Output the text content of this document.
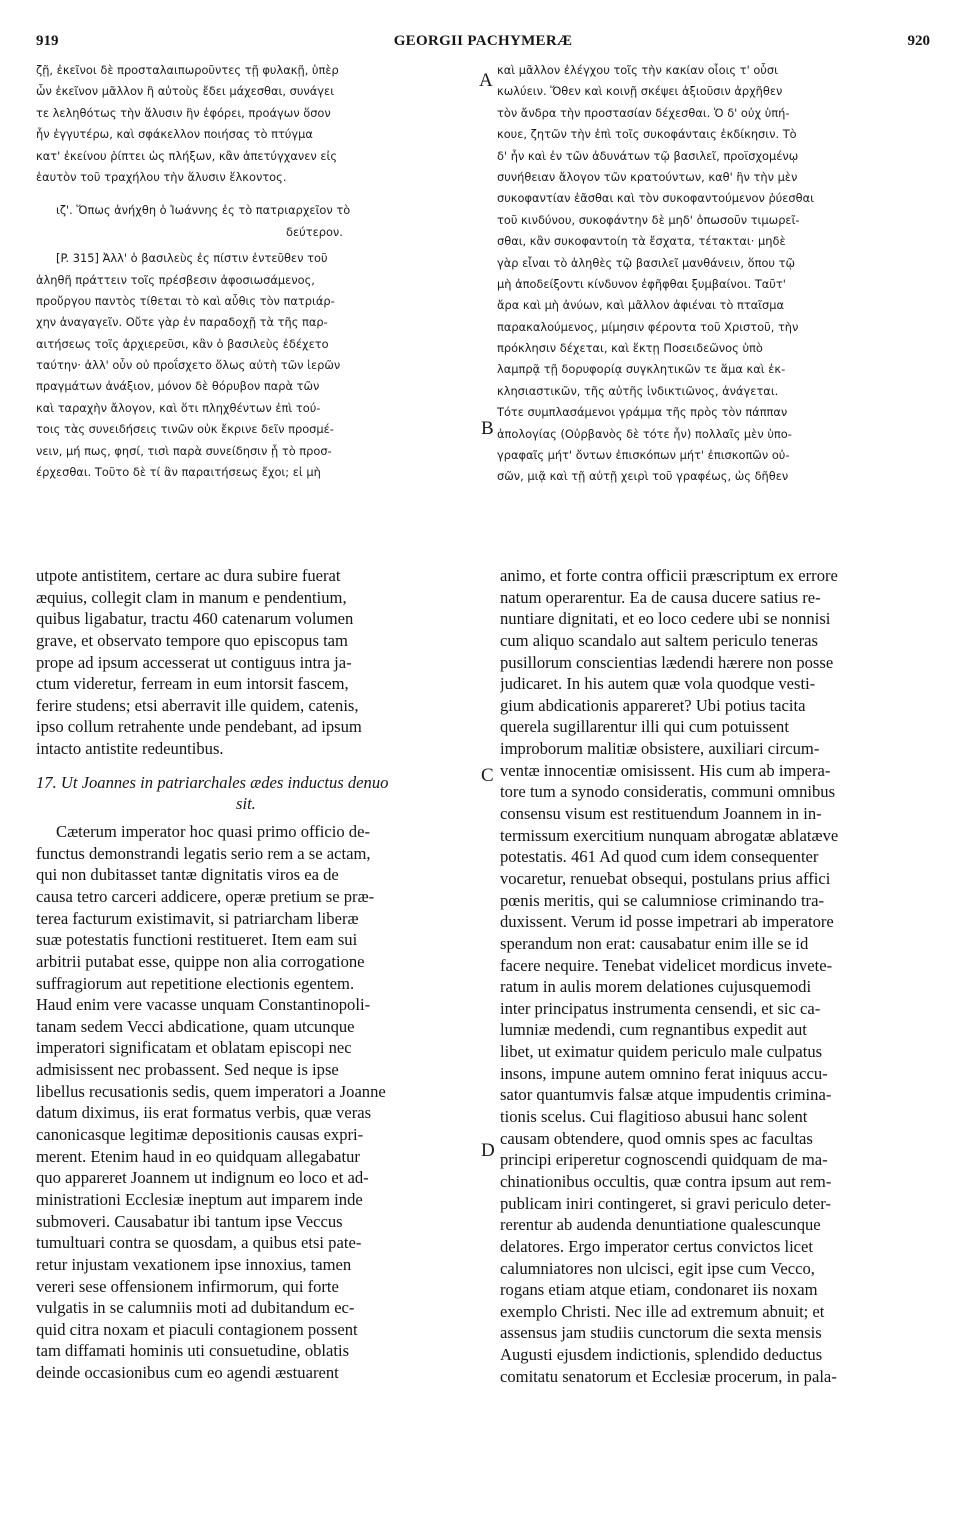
919	GEORGII PACHYMERÆ	920
ζῇ, ἐκεῖνοι δὲ προσταλαιπωροῦντες τῇ φυλακῇ, ὑπὲρ
ὧν ἐκεῖνον μᾶλλον ἢ αὐτοὺς ἔδει μάχεσθαι, συνάγει
τε λεληθότως τὴν ἅλυσιν ἣν ἐφόρει, προάγων ὅσον
ἦν ἐγγυτέρω, καὶ σφάκελλον ποιήσας τὸ πτύγμα
κατ' ἐκείνου ῥίπτει ὡς πλήξων, κἂν ἀπετύγχανεν εἰς
ἑαυτὸν τοῦ τραχήλου τὴν ἅλυσιν ἕλκοντος.
ιζ'. Ὅπως ἀνήχθη ὁ Ἰωάννης ἐς τὸ πατριαρχεῖον τὸ
δεύτερον.
[P. 315] Ἀλλ' ὁ βασιλεὺς ἐς πίστιν ἐντεῦθεν τοῦ
ἀληθῆ πράττειν τοῖς πρέσβεσιν ἀφοσιωσάμενος,
προὔργου παντὸς τίθεται τὸ καὶ αὖθις τὸν πατριάρ-
χην ἀναγαγεῖν. Οὔτε γὰρ ἐν παραδοχῇ τὰ τῆς παρ-
αιτήσεως τοῖς ἀρχιερεῦσι, κἂν ὁ βασιλεὺς ἐδέχετο
ταύτην· ἀλλ' οὖν οὐ προΐσχετο ὅλως αὐτὴ τῶν ἱερῶν
πραγμάτων ἀνάξιον, μόνον δὲ θόρυβον παρὰ τῶν
καὶ ταραχὴν ἄλογον, καὶ ὅτι πληχθέντων ἐπὶ τού-
τοις τὰς συνειδήσεις τινῶν οὐκ ἔκρινε δεῖν προσμέ-
νειν, μή πως, φησί, τισὶ παρὰ συνείδησιν ᾖ τὸ προσ-
έρχεσθαι. Τοῦτο δὲ τί ἂν παραιτήσεως ἔχοι; εἰ μὴ
καὶ μᾶλλον ἐλέγχου τοῖς τὴν κακίαν οἷοις τ' οὖσι
κωλύειν. Ὅθεν καὶ κοινῇ σκέψει ἀξιοῦσιν ἀρχῆθεν
τὸν ἄνδρα τὴν προστασίαν δέχεσθαι. Ὁ δ' οὐχ ὑπή-
κουε, ζητῶν τὴν ἐπὶ τοῖς συκοφάνταις ἐκδίκησιν. Τὸ
δ' ἦν καὶ ἐν τῶν ἀδυνάτων τῷ βασιλεῖ, προϊσχομένῳ
συνήθειαν ἄλογον τῶν κρατούντων, καθ' ἣν τὴν μὲν
συκοφαντίαν ἐᾶσθαι καὶ τὸν συκοφαντούμενον ῥύεσθαι
τοῦ κινδύνου, συκοφάντην δὲ μηδ' ὁπωσοῦν τιμωρεῖ-
σθαι, κἂν συκοφαντοίη τὰ ἔσχατα, τέτακται· μηδὲ
γὰρ εἶναι τὸ ἀληθὲς τῷ βασιλεῖ μανθάνειν, ὅπου τῷ
μὴ ἀποδείξοντι κίνδυνον ἐφῆφθαι ξυμβαίνοι. Ταῦτ'
ἄρα καὶ μὴ ἀνύων, καὶ μᾶλλον ἀφιέναι τὸ πταῖσμα
παρακαλούμενος, μίμησιν φέροντα τοῦ Χριστοῦ, τὴν
πρόκλησιν δέχεται, καὶ ἕκτῃ Ποσειδεῶνος ὑπὸ
λαμπρᾷ τῇ δορυφορίᾳ συγκλητικῶν τε ἅμα καὶ ἐκ-
κλησιαστικῶν, τῆς αὐτῆς ἰνδικτιῶνος, ἀνάγεται.
Τότε συμπλασάμενοι γράμμα τῆς πρὸς τὸν πάππαν
ἀπολογίας (Οὐρβανὸς δὲ τότε ἦν) πολλαῖς μὲν ὑπο-
γραφαῖς μήτ' ὄντων ἐπισκόπων μήτ' ἐπισκοπῶν οὐ-
σῶν, μιᾷ καὶ τῇ αὐτῇ χειρὶ τοῦ γραφέως, ὡς δῆθεν
A
B
C
D
utpote antistitem, certare ac dura subire fuerat
æquius, collegit clam in manum e pendentium,
quibus ligabatur, tractu 460 catenarum volumen
grave, et observato tempore quo episcopus tam
prope ad ipsum accesserat ut contiguus intra ja-
ctum videretur, ferream in eum intorsit fascem,
ferire studens; etsi aberravit ille quidem, catenis,
ipso collum retrahente unde pendebant, ad ipsum
intacto antistite redeuntibus.
17. Ut Joannes in patriarchales ædes inductus denuo
sit.
Cæterum imperator hoc quasi primo officio de-
functus demonstrandi legatis serio rem a se actam,
qui non dubitasset tantæ dignitatis viros ea de
causa tetro carceri addicere, operæ pretium se præ-
terea facturum existimavit, si patriarcham liberæ
suæ potestatis functioni restitueret. Item eam sui
arbitrii putabat esse, quippe non alia corrogatione
suffragiorum aut repetitione electionis egentem.
Haud enim vere vacasse unquam Constantinopoli-
tanam sedem Vecci abdicatione, quam utcunque
imperatori significatam et oblatam episcopi nec
admisissent nec probassent. Sed neque is ipse
libellus recusationis sedis, quem imperatori a Joanne
datum diximus, iis erat formatus verbis, quæ veras
canonicasque legitimæ depositionis causas expri-
merent. Etenim haud in eo quidquam allegabatur
quo appareret Joannem ut indignum eo loco et ad-
ministrationi Ecclesiæ ineptum aut imparem inde
submoveri. Causabatur ibi tantum ipse Veccus
tumultuari contra se quosdam, a quibus etsi pate-
retur injustam vexationem ipse innoxius, tamen
vereri sese offensionem infirmorum, qui forte
vulgatis in se calumniis moti ad dubitandum ec-
quid citra noxam et piaculi contagionem possent
tam diffamati hominis uti consuetudine, oblatis
deinde occasionibus cum eo agendi æstuarent
animo, et forte contra officii præscriptum ex errore
natum operarentur. Ea de causa ducere satius re-
nuntiare dignitati, et eo loco cedere ubi se nonnisi
cum aliquo scandalo aut saltem periculo teneras
pusillorum conscientias lædendi hærere non posse
judicaret. In his autem quæ vola quodque vesti-
gium abdicationis appareret? Ubi potius tacita
querela sugillarentur illi qui cum potuissent
improborum malitiæ obsistere, auxiliari circum-
ventæ innocentiæ omisissent. His cum ab impera-
tore tum a synodo consideratis, communi omnibus
consensu visum est restituendum Joannem in in-
termissum exercitium nunquam abrogatæ ablatæve
potestatis. 461 Ad quod cum idem consequenter
vocaretur, renuebat obsequi, postulans prius affici
pœnis meritis, qui se calumniose criminando tra-
duxissent. Verum id posse impetrari ab imperatore
sperandum non erat: causabatur enim ille se id
facere nequire. Tenebat videlicet mordicus invete-
ratum in aulis morem delationes cujusquemodi
inter principatus instrumenta censendi, et sic ca-
lumniæ medendi, cum regnantibus expedit aut
libet, ut eximatur quidem periculo male culpatus
insons, impune autem omnino ferat iniquus accu-
sator quantumvis falsæ atque impudentis criminа-
tionis scelus. Cui flagitioso abusui hanc solent
causam obtendere, quod omnis spes ac facultas
principi eriperetur cognoscendi quidquam de ma-
chinationibus occultis, quæ contra ipsum aut rem-
publicam iniri contingeret, si gravi periculo deter-
rerentur ab audenda denuntiatione qualescunque
delatores. Ergo imperator certus convictos licet
calumniatores non ulcisci, egit ipse cum Vecco,
rogans etiam atque etiam, condonaret iis noxam
exemplo Christi. Nec ille ad extremum abnuit; et
assensus jam studiis cunctorum die sexta mensis
Augusti ejusdem indictionis, splendido deductus
comitatu senatorum et Ecclesiæ procerum, in pala-
